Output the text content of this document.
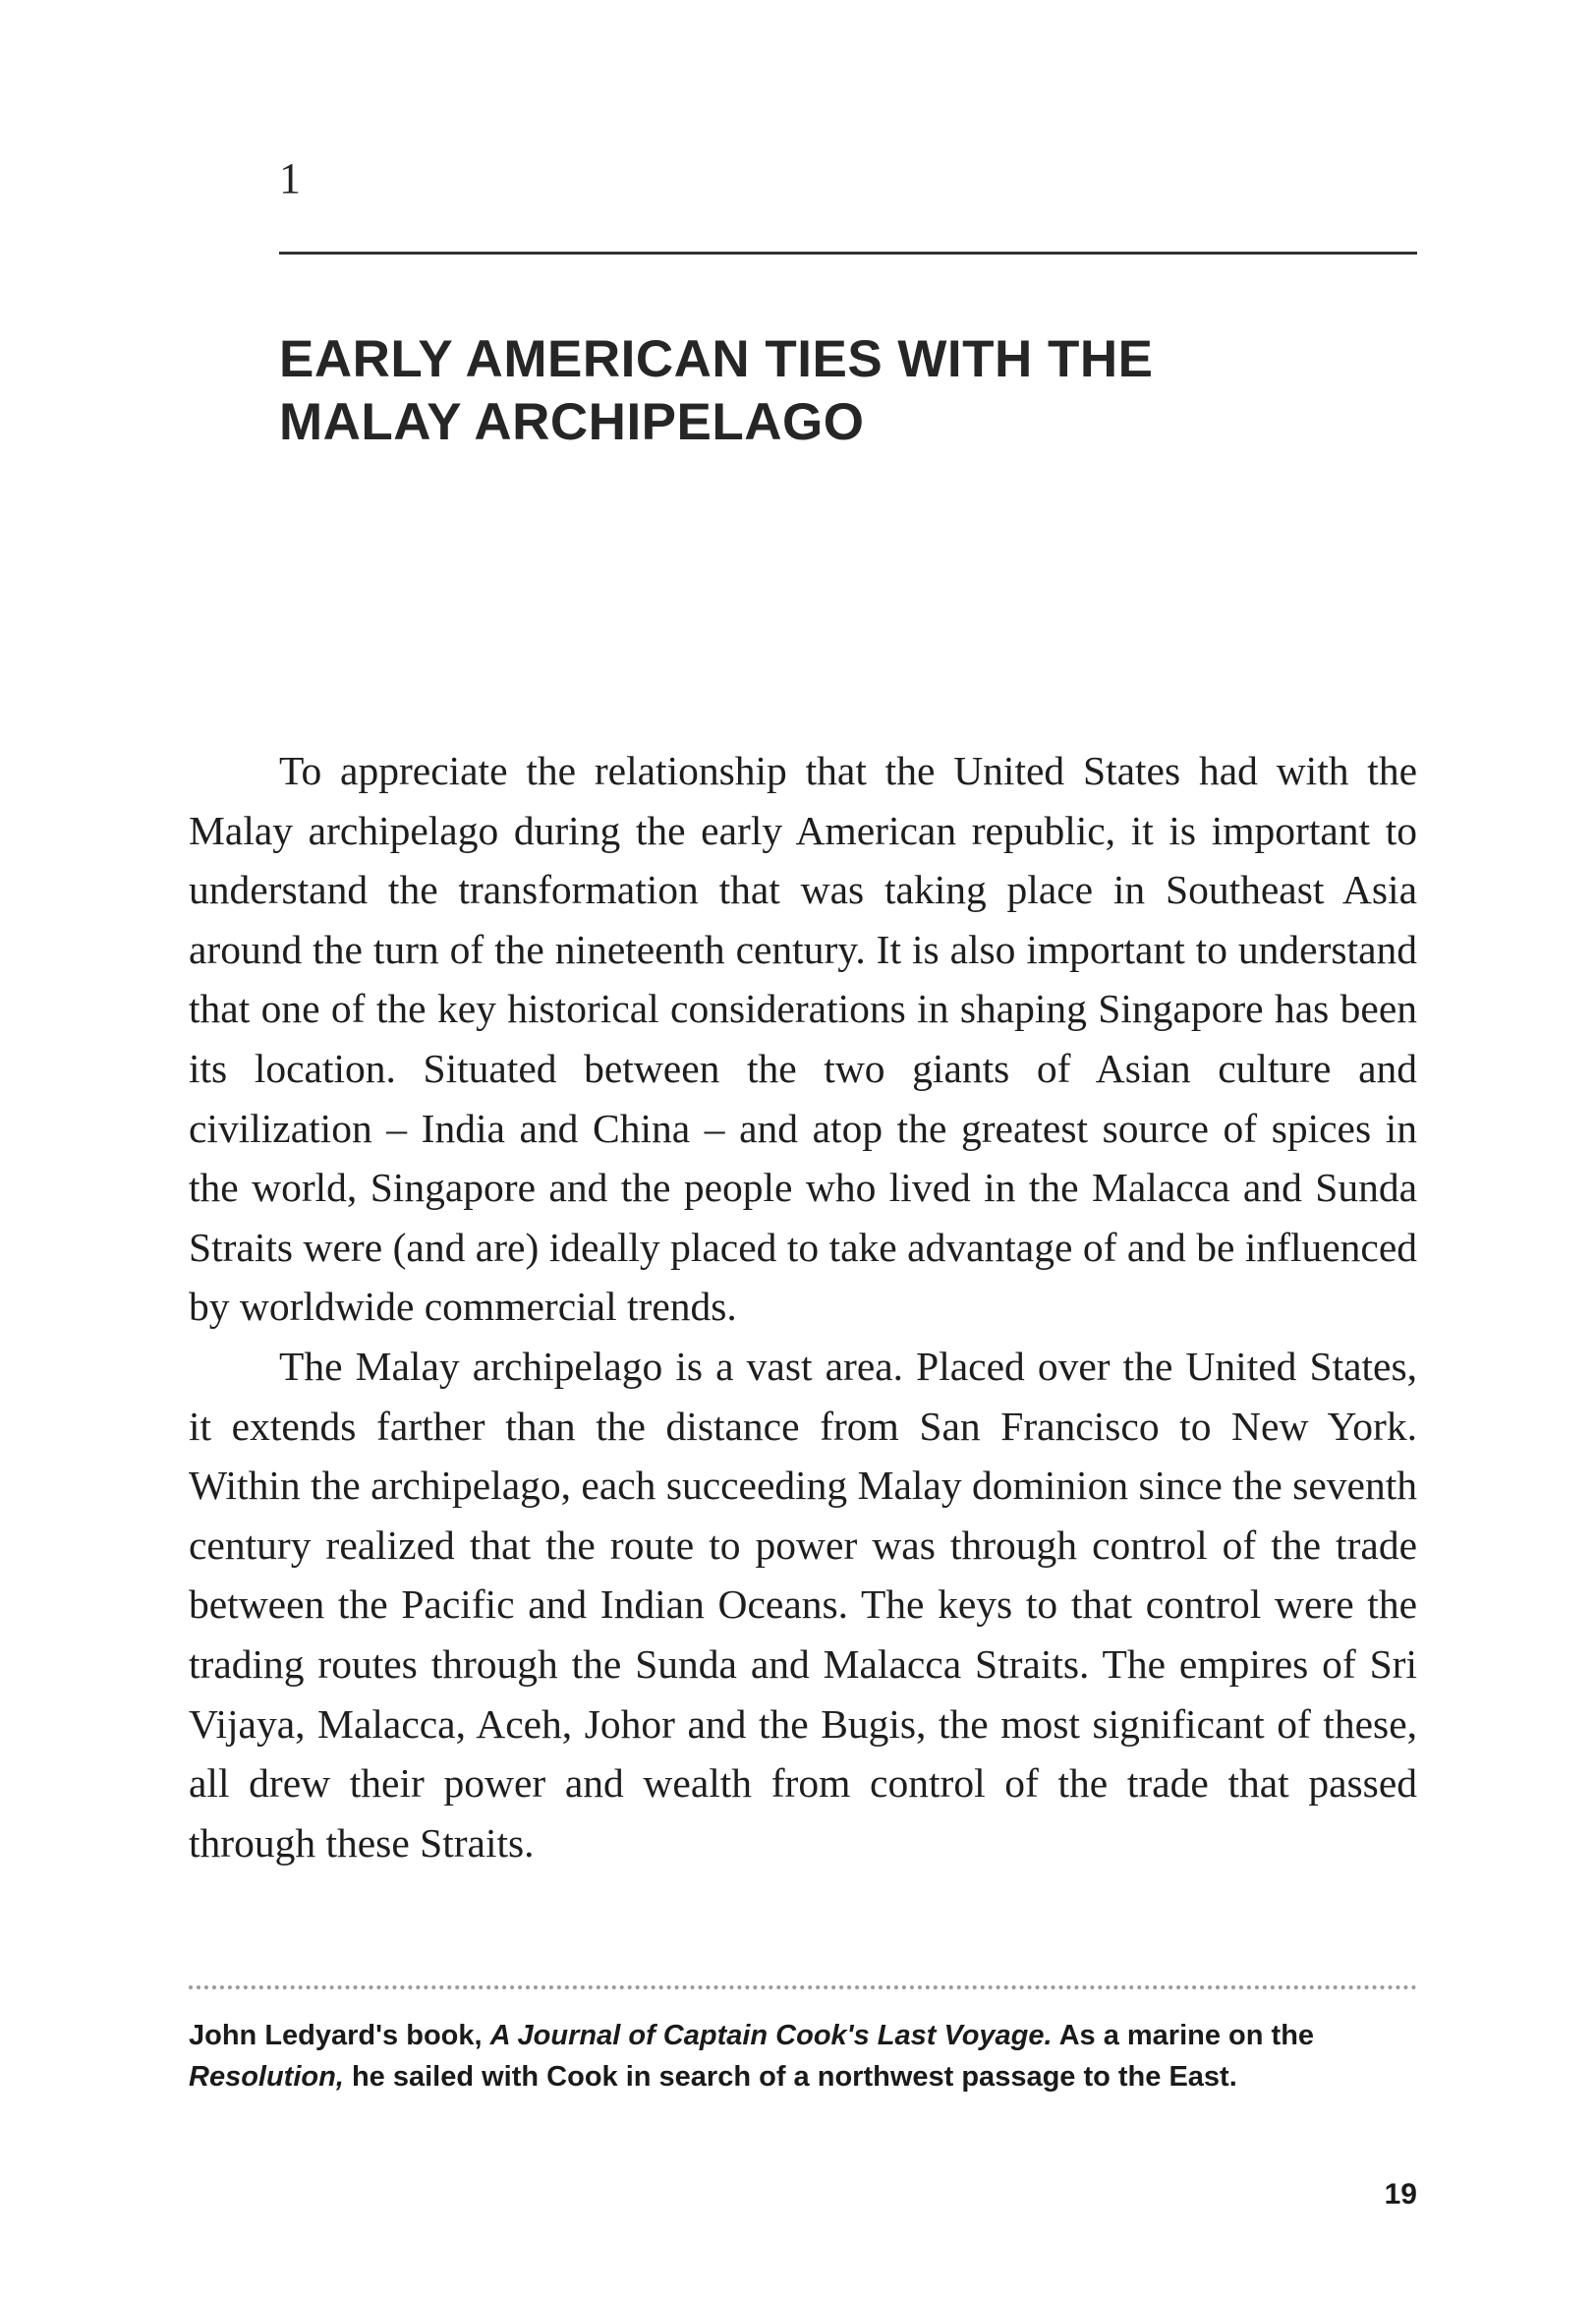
1
EARLY AMERICAN TIES WITH THE
MALAY ARCHIPELAGO

To appreciate the relationship that the United States had with the Malay archipelago during the early American republic, it is important to understand the transformation that was taking place in Southeast Asia around the turn of the nineteenth century. It is also important to understand that one of the key historical considerations in shaping Singapore has been its location. Situated between the two giants of Asian culture and civilization – India and China – and atop the greatest source of spices in the world, Singapore and the people who lived in the Malacca and Sunda Straits were (and are) ideally placed to take advantage of and be influenced by worldwide commercial trends.

The Malay archipelago is a vast area. Placed over the United States, it extends farther than the distance from San Francisco to New York. Within the archipelago, each succeeding Malay dominion since the seventh century realized that the route to power was through control of the trade between the Pacific and Indian Oceans. The keys to that control were the trading routes through the Sunda and Malacca Straits. The empires of Sri Vijaya, Malacca, Aceh, Johor and the Bugis, the most significant of these, all drew their power and wealth from control of the trade that passed through these Straits.

John Ledyard's book, A Journal of Captain Cook's Last Voyage. As a marine on the Resolution, he sailed with Cook in search of a northwest passage to the East.

19
